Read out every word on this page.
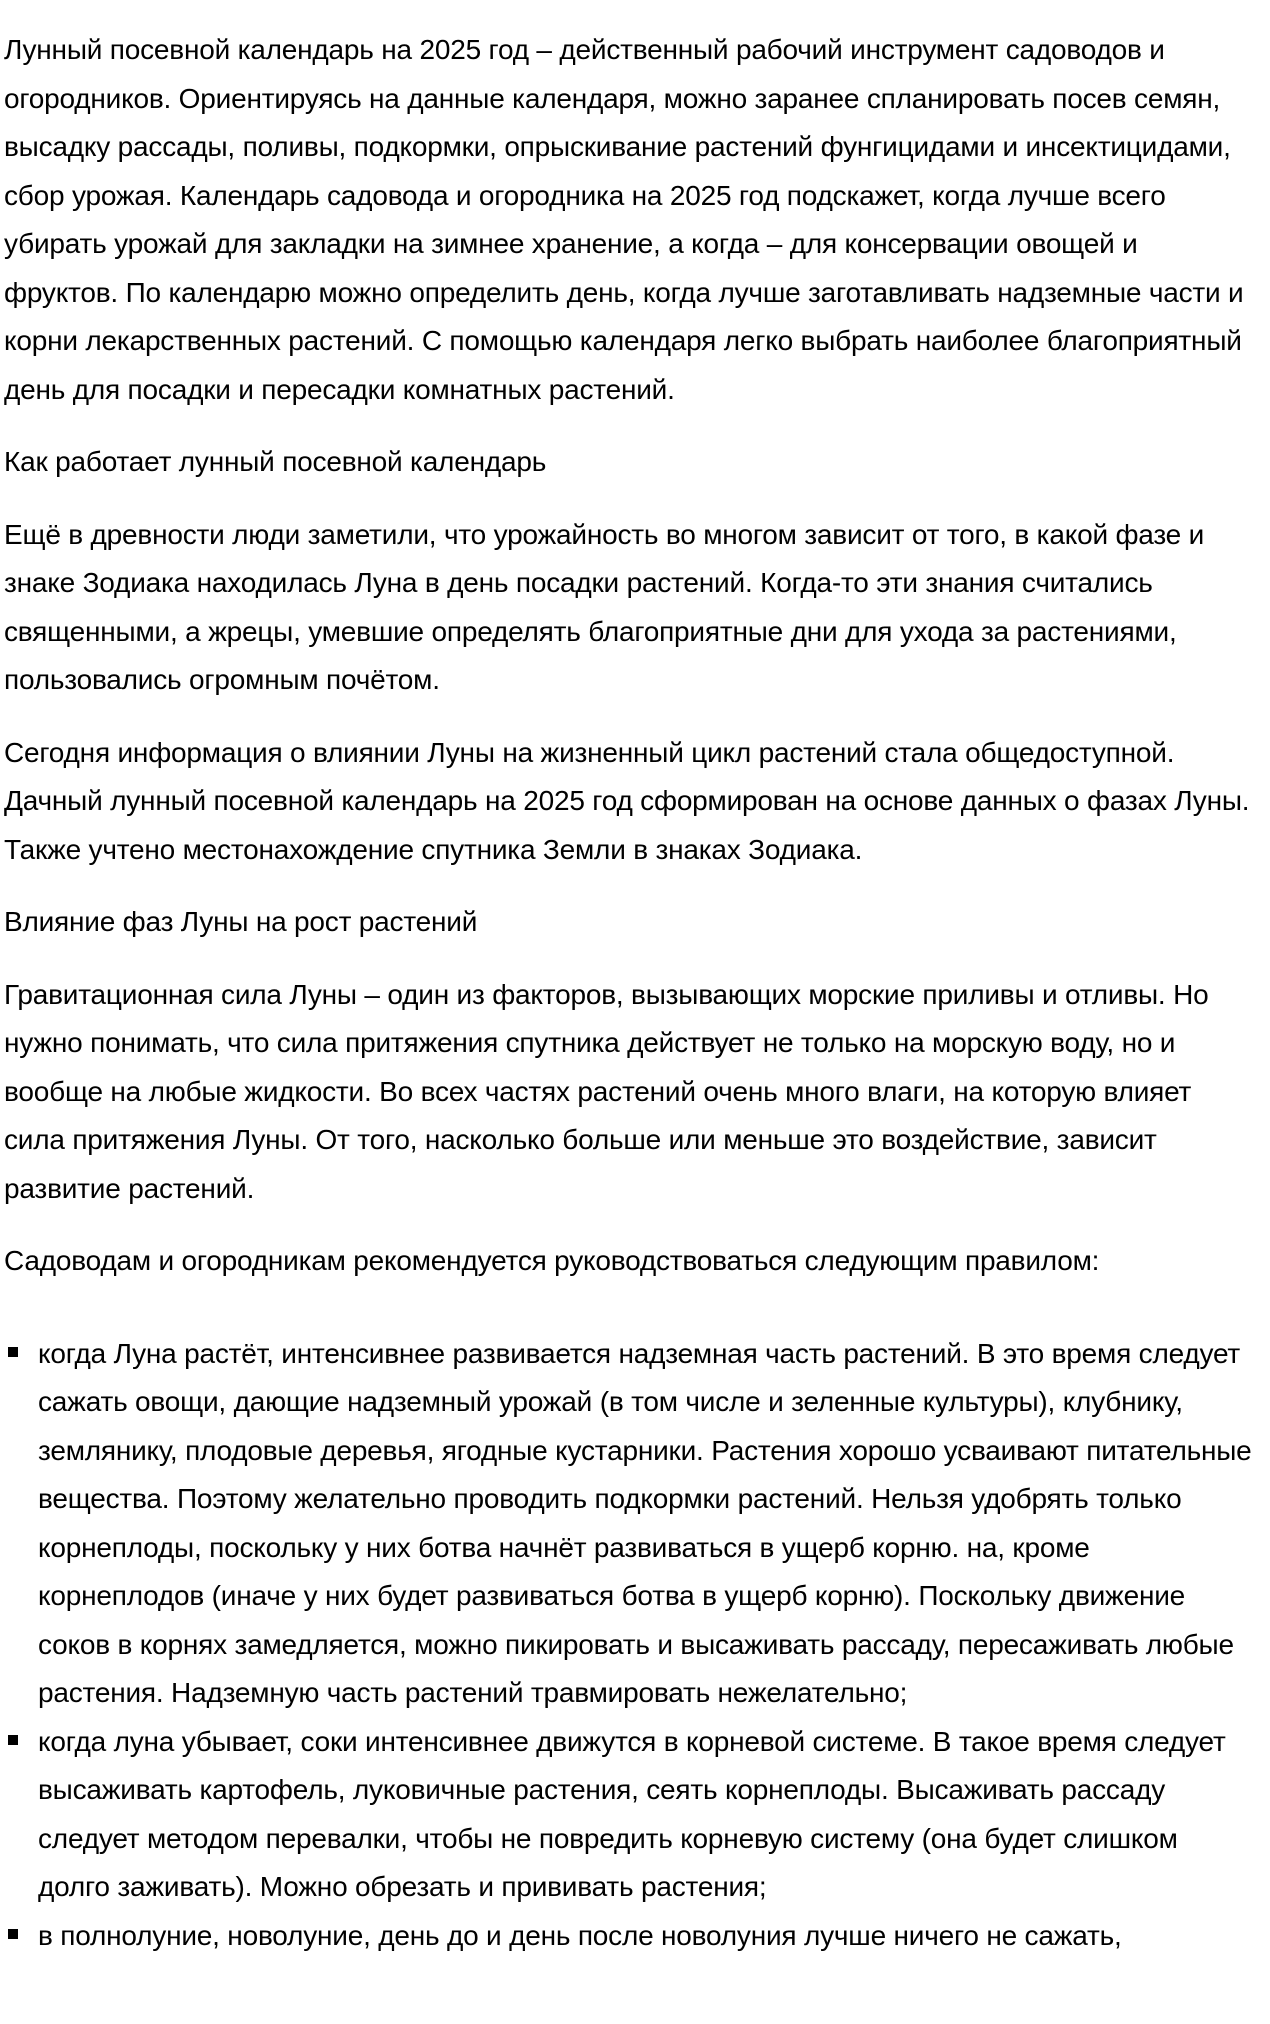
Лунный посевной календарь на 2025 год – действенный рабочий инструмент садоводов и огородников. Ориентируясь на данные календаря, можно заранее спланировать посев семян, высадку рассады, поливы, подкормки, опрыскивание растений фунгицидами и инсектицидами, сбор урожая. Календарь садовода и огородника на 2025 год подскажет, когда лучше всего убирать урожай для закладки на зимнее хранение, а когда – для консервации овощей и фруктов. По календарю можно определить день, когда лучше заготавливать надземные части и корни лекарственных растений. С помощью календаря легко выбрать наиболее благоприятный день для посадки и пересадки комнатных растений.

Как работает лунный посевной календарь

Ещё в древности люди заметили, что урожайность во многом зависит от того, в какой фазе и знаке Зодиака находилась Луна в день посадки растений. Когда-то эти знания считались священными, а жрецы, умевшие определять благоприятные дни для ухода за растениями, пользовались огромным почётом.

Сегодня информация о влиянии Луны на жизненный цикл растений стала общедоступной. Дачный лунный посевной календарь на 2025 год сформирован на основе данных о фазах Луны. Также учтено местонахождение спутника Земли в знаках Зодиака.

Влияние фаз Луны на рост растений

Гравитационная сила Луны – один из факторов, вызывающих морские приливы и отливы. Но нужно понимать, что сила притяжения спутника действует не только на морскую воду, но и вообще на любые жидкости. Во всех частях растений очень много влаги, на которую влияет сила притяжения Луны. От того, насколько больше или меньше это воздействие, зависит развитие растений.

Садоводам и огородникам рекомендуется руководствоваться следующим правилом:

когда Луна растёт, интенсивнее развивается надземная часть растений. В это время следует сажать овощи, дающие надземный урожай (в том числе и зеленные культуры), клубнику, землянику, плодовые деревья, ягодные кустарники. Растения хорошо усваивают питательные вещества. Поэтому желательно проводить подкормки растений. Нельзя удобрять только корнеплоды, поскольку у них ботва начнёт развиваться в ущерб корню. на, кроме корнеплодов (иначе у них будет развиваться ботва в ущерб корню). Поскольку движение соков в корнях замедляется, можно пикировать и высаживать рассаду, пересаживать любые растения. Надземную часть растений травмировать нежелательно;
когда луна убывает, соки интенсивнее движутся в корневой системе. В такое время следует высаживать картофель, луковичные растения, сеять корнеплоды. Высаживать рассаду следует методом перевалки, чтобы не повредить корневую систему (она будет слишком долго заживать). Можно обрезать и прививать растения;
в полнолуние, новолуние, день до и день после новолуния лучше ничего не сажать,
